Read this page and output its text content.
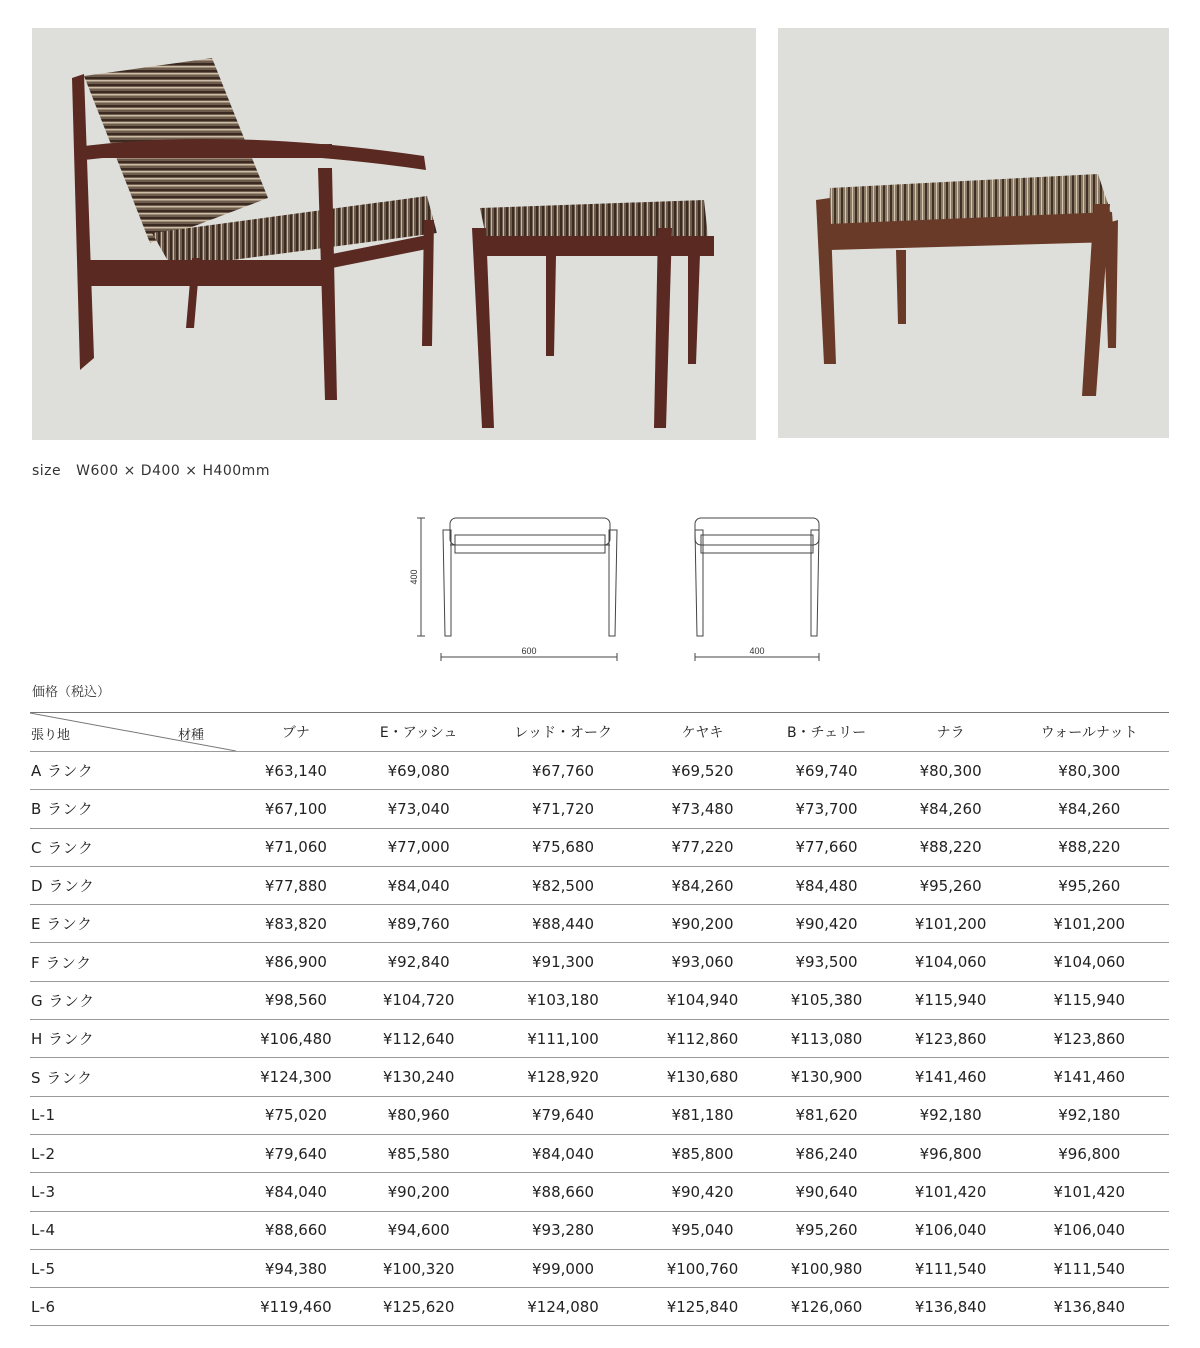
size W600 × D400 × H400mm
400
600	400
価格（税込）
張り地 材種	ブナ	E・アッシュ	レッド・オーク	ケヤキ	B・チェリー	ナラ	ウォールナット
A ランク	¥63,140	¥69,080	¥67,760	¥69,520	¥69,740	¥80,300	¥80,300
B ランク	¥67,100	¥73,040	¥71,720	¥73,480	¥73,700	¥84,260	¥84,260
C ランク	¥71,060	¥77,000	¥75,680	¥77,220	¥77,660	¥88,220	¥88,220
D ランク	¥77,880	¥84,040	¥82,500	¥84,260	¥84,480	¥95,260	¥95,260
E ランク	¥83,820	¥89,760	¥88,440	¥90,200	¥90,420	¥101,200	¥101,200
F ランク	¥86,900	¥92,840	¥91,300	¥93,060	¥93,500	¥104,060	¥104,060
G ランク	¥98,560	¥104,720	¥103,180	¥104,940	¥105,380	¥115,940	¥115,940
H ランク	¥106,480	¥112,640	¥111,100	¥112,860	¥113,080	¥123,860	¥123,860
S ランク	¥124,300	¥130,240	¥128,920	¥130,680	¥130,900	¥141,460	¥141,460
L-1	¥75,020	¥80,960	¥79,640	¥81,180	¥81,620	¥92,180	¥92,180
L-2	¥79,640	¥85,580	¥84,040	¥85,800	¥86,240	¥96,800	¥96,800
L-3	¥84,040	¥90,200	¥88,660	¥90,420	¥90,640	¥101,420	¥101,420
L-4	¥88,660	¥94,600	¥93,280	¥95,040	¥95,260	¥106,040	¥106,040
L-5	¥94,380	¥100,320	¥99,000	¥100,760	¥100,980	¥111,540	¥111,540
L-6	¥119,460	¥125,620	¥124,080	¥125,840	¥126,060	¥136,840	¥136,840
